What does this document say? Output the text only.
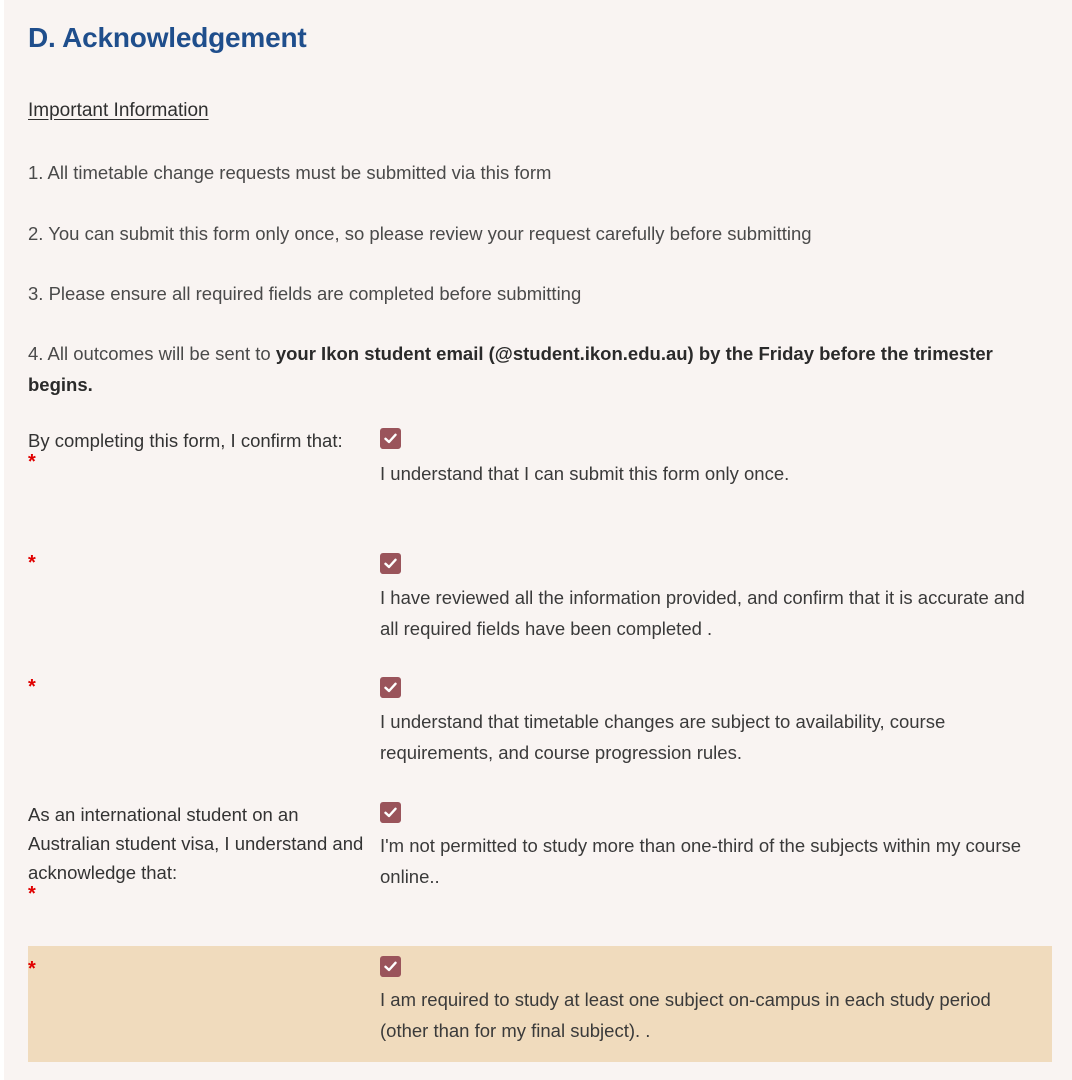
D. Acknowledgement
Important Information
1. All timetable change requests must be submitted via this form
2. You can submit this form only once, so please review your request carefully before submitting
3. Please ensure all required fields are completed before submitting
4. All outcomes will be sent to your Ikon student email (@student.ikon.edu.au) by the Friday before the trimester begins.
By completing this form, I confirm that:
*
I understand that I can submit this form only once.
*
I have reviewed all the information provided, and confirm that it is accurate and all required fields have been completed .
*
I understand that timetable changes are subject to availability, course requirements, and course progression rules.
As an international student on an Australian student visa, I understand and acknowledge that:
*
I'm not permitted to study more than one-third of the subjects within my course online..
*
I am required to study at least one subject on-campus in each study period (other than for my final subject). .
